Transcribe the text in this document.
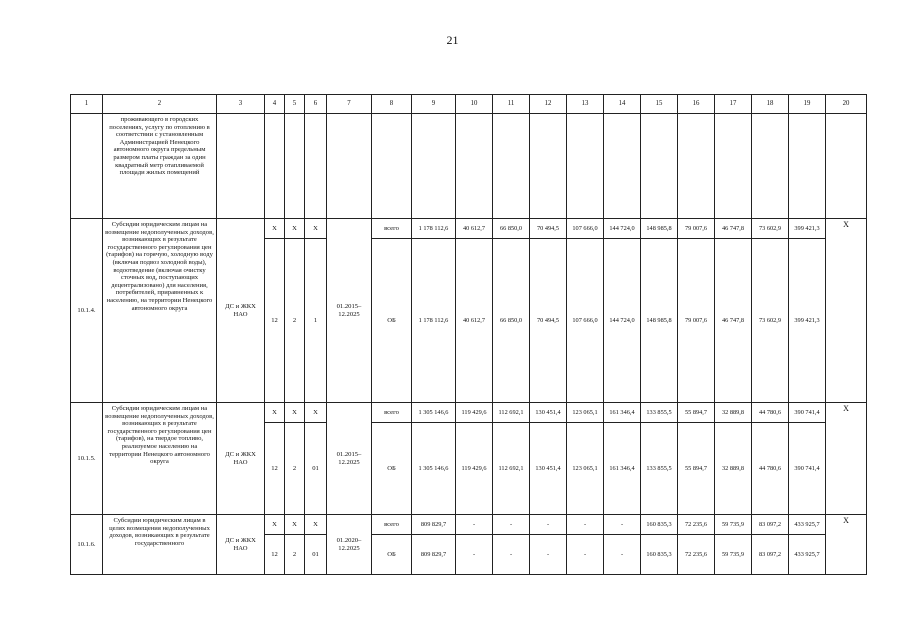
21
1	2	3	4	5	6	7	8	9	10	11	12	13	14	15	16	17	18	19	20
	проживающего в городских поселениях, услугу по отоплению в соответствии с установленным Администрацией Ненецкого автономного округа предельным размером платы граждан за один квадратный метр отапливаемой площади жилых помещений																		
10.1.4.	Субсидии юридическим лицам на возмещение недополученных доходов, возникающих в результате государственного регулирования цен (тарифов) на горячую, холодную воду (включая подвоз холодной воды), водоотведение (включая очистку сточных вод, поступающих децентрализовано) для населения, потребителей, приравненных к населению, на территории Ненецкого автономного округа	ДС и ЖКХ НАО	X	X	X	01.2015–12.2025	всего	1 178 112,6	40 612,7	66 850,0	70 494,5	107 666,0	144 724,0	148 985,8	79 007,6	46 747,8	73 602,9	399 421,3	X
			12	2	1		ОБ	1 178 112,6	40 612,7	66 850,0	70 494,5	107 666,0	144 724,0	148 985,8	79 007,6	46 747,8	73 602,9	399 421,3	
10.1.5.	Субсидии юридическим лицам на возмещение недополученных доходов, возникающих в результате государственного регулирования цен (тарифов), на твердое топливо, реализуемое населению на территории Ненецкого автономного округа	ДС и ЖКХ НАО	X	X	X	01.2015–12.2025	всего	1 305 146,6	119 429,6	112 692,1	130 451,4	123 065,1	161 346,4	133 855,5	55 894,7	32 889,8	44 780,6	390 741,4	X
			12	2	01		ОБ	1 305 146,6	119 429,6	112 692,1	130 451,4	123 065,1	161 346,4	133 855,5	55 894,7	32 889,8	44 780,6	390 741,4	
10.1.6.	Субсидии юридическим лицам в целях возмещения недополученных доходов, возникающих в результате государственного	ДС и ЖКХ НАО	X	X	X	01.2020–12.2025	всего	809 829,7	-	-	-	-	-	160 835,3	72 235,6	59 735,9	83 097,2	433 925,7	X
			12	2	01		ОБ	809 829,7	-	-	-	-	-	160 835,3	72 235,6	59 735,9	83 097,2	433 925,7	
